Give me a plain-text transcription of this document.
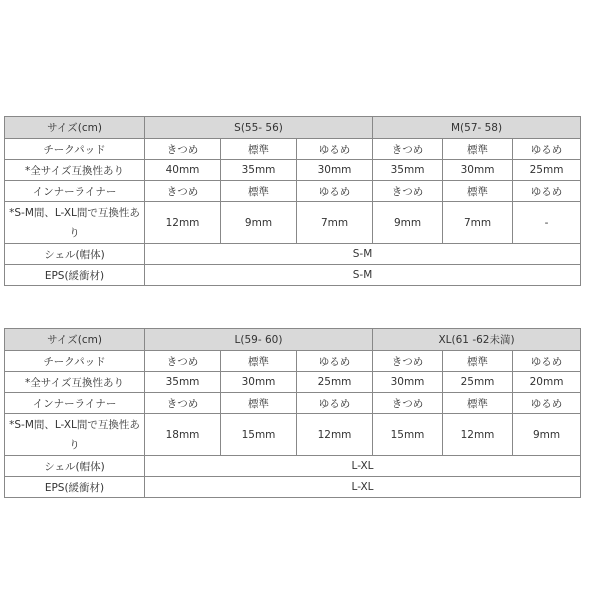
サイズ(cm)	S(55- 56)			M(57- 58)		
チークパッド	きつめ	標準	ゆるめ	きつめ	標準	ゆるめ
*全サイズ互換性あり	40mm	35mm	30mm	35mm	30mm	25mm
インナーライナー	きつめ	標準	ゆるめ	きつめ	標準	ゆるめ
*S-M間、L-XL間で互換性あり	12mm	9mm	7mm	9mm	7mm	-
シェル(帽体)	S-M					
EPS(緩衝材)	S-M					
サイズ(cm)	L(59- 60)			XL(61 -62未満)		
チークパッド	きつめ	標準	ゆるめ	きつめ	標準	ゆるめ
*全サイズ互換性あり	35mm	30mm	25mm	30mm	25mm	20mm
インナーライナー	きつめ	標準	ゆるめ	きつめ	標準	ゆるめ
*S-M間、L-XL間で互換性あり	18mm	15mm	12mm	15mm	12mm	9mm
シェル(帽体)	L-XL					
EPS(緩衝材)	L-XL					
